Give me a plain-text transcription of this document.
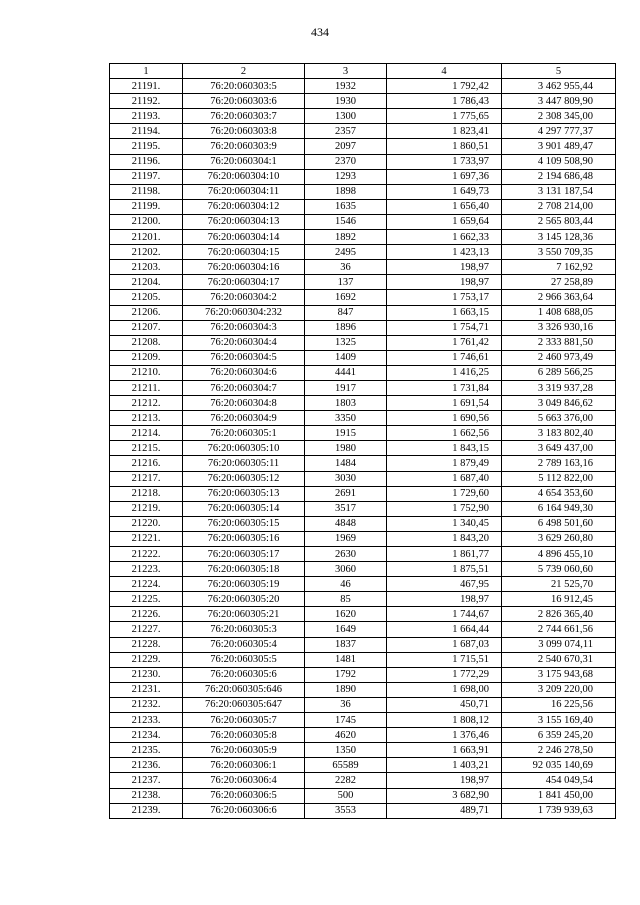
434
1	2	3	4	5
21191.	76:20:060303:5	1932	1 792,42	3 462 955,44
21192.	76:20:060303:6	1930	1 786,43	3 447 809,90
21193.	76:20:060303:7	1300	1 775,65	2 308 345,00
21194.	76:20:060303:8	2357	1 823,41	4 297 777,37
21195.	76:20:060303:9	2097	1 860,51	3 901 489,47
21196.	76:20:060304:1	2370	1 733,97	4 109 508,90
21197.	76:20:060304:10	1293	1 697,36	2 194 686,48
21198.	76:20:060304:11	1898	1 649,73	3 131 187,54
21199.	76:20:060304:12	1635	1 656,40	2 708 214,00
21200.	76:20:060304:13	1546	1 659,64	2 565 803,44
21201.	76:20:060304:14	1892	1 662,33	3 145 128,36
21202.	76:20:060304:15	2495	1 423,13	3 550 709,35
21203.	76:20:060304:16	36	198,97	7 162,92
21204.	76:20:060304:17	137	198,97	27 258,89
21205.	76:20:060304:2	1692	1 753,17	2 966 363,64
21206.	76:20:060304:232	847	1 663,15	1 408 688,05
21207.	76:20:060304:3	1896	1 754,71	3 326 930,16
21208.	76:20:060304:4	1325	1 761,42	2 333 881,50
21209.	76:20:060304:5	1409	1 746,61	2 460 973,49
21210.	76:20:060304:6	4441	1 416,25	6 289 566,25
21211.	76:20:060304:7	1917	1 731,84	3 319 937,28
21212.	76:20:060304:8	1803	1 691,54	3 049 846,62
21213.	76:20:060304:9	3350	1 690,56	5 663 376,00
21214.	76:20:060305:1	1915	1 662,56	3 183 802,40
21215.	76:20:060305:10	1980	1 843,15	3 649 437,00
21216.	76:20:060305:11	1484	1 879,49	2 789 163,16
21217.	76:20:060305:12	3030	1 687,40	5 112 822,00
21218.	76:20:060305:13	2691	1 729,60	4 654 353,60
21219.	76:20:060305:14	3517	1 752,90	6 164 949,30
21220.	76:20:060305:15	4848	1 340,45	6 498 501,60
21221.	76:20:060305:16	1969	1 843,20	3 629 260,80
21222.	76:20:060305:17	2630	1 861,77	4 896 455,10
21223.	76:20:060305:18	3060	1 875,51	5 739 060,60
21224.	76:20:060305:19	46	467,95	21 525,70
21225.	76:20:060305:20	85	198,97	16 912,45
21226.	76:20:060305:21	1620	1 744,67	2 826 365,40
21227.	76:20:060305:3	1649	1 664,44	2 744 661,56
21228.	76:20:060305:4	1837	1 687,03	3 099 074,11
21229.	76:20:060305:5	1481	1 715,51	2 540 670,31
21230.	76:20:060305:6	1792	1 772,29	3 175 943,68
21231.	76:20:060305:646	1890	1 698,00	3 209 220,00
21232.	76:20:060305:647	36	450,71	16 225,56
21233.	76:20:060305:7	1745	1 808,12	3 155 169,40
21234.	76:20:060305:8	4620	1 376,46	6 359 245,20
21235.	76:20:060305:9	1350	1 663,91	2 246 278,50
21236.	76:20:060306:1	65589	1 403,21	92 035 140,69
21237.	76:20:060306:4	2282	198,97	454 049,54
21238.	76:20:060306:5	500	3 682,90	1 841 450,00
21239.	76:20:060306:6	3553	489,71	1 739 939,63
